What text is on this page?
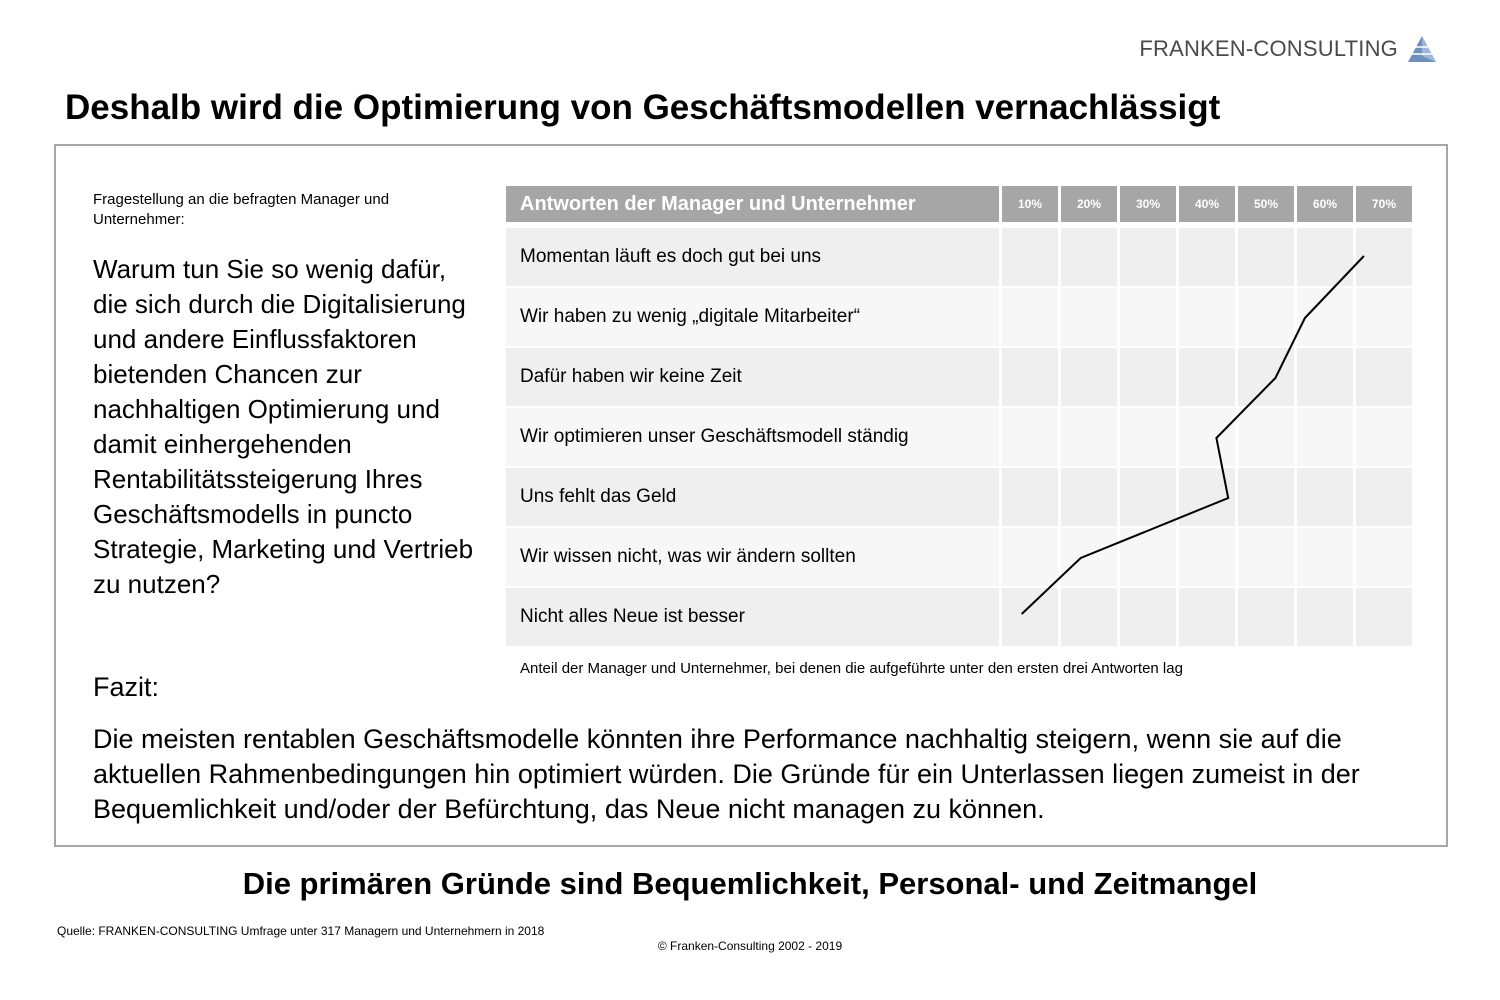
FRANKEN-CONSULTING
Deshalb wird die Optimierung von Geschäftsmodellen vernachlässigt
Fragestellung an die befragten Manager und Unternehmer:
Warum tun Sie so wenig dafür, die sich durch die Digitalisierung und andere Einflussfaktoren bietenden Chancen zur nachhaltigen Optimierung und damit einhergehenden Rentabilitätssteigerung Ihres Geschäftsmodells in puncto Strategie, Marketing und Vertrieb zu nutzen?
Anteil der Manager und Unternehmer, bei denen die aufgeführte unter den ersten drei Antworten lag
Antworten der Manager und Unternehmer	10%	20%	30%	40%	50%	60%	70%
Momentan läuft es doch gut bei uns
Wir haben zu wenig „digitale Mitarbeiter“
Dafür haben wir keine Zeit
Wir optimieren unser Geschäftsmodell ständig
Uns fehlt das Geld
Wir wissen nicht, was wir ändern sollten
Nicht alles Neue ist besser
Fazit:
Die meisten rentablen Geschäftsmodelle könnten ihre Performance nachhaltig steigern, wenn sie auf die aktuellen Rahmenbedingungen hin optimiert würden. Die Gründe für ein Unterlassen liegen zumeist in der Bequemlichkeit und/oder der Befürchtung, das Neue nicht managen zu können.
Die primären Gründe sind Bequemlichkeit, Personal- und Zeitmangel
Quelle: FRANKEN-CONSULTING Umfrage unter 317 Managern und Unternehmern in 2018
© Franken-Consulting 2002 - 2019
